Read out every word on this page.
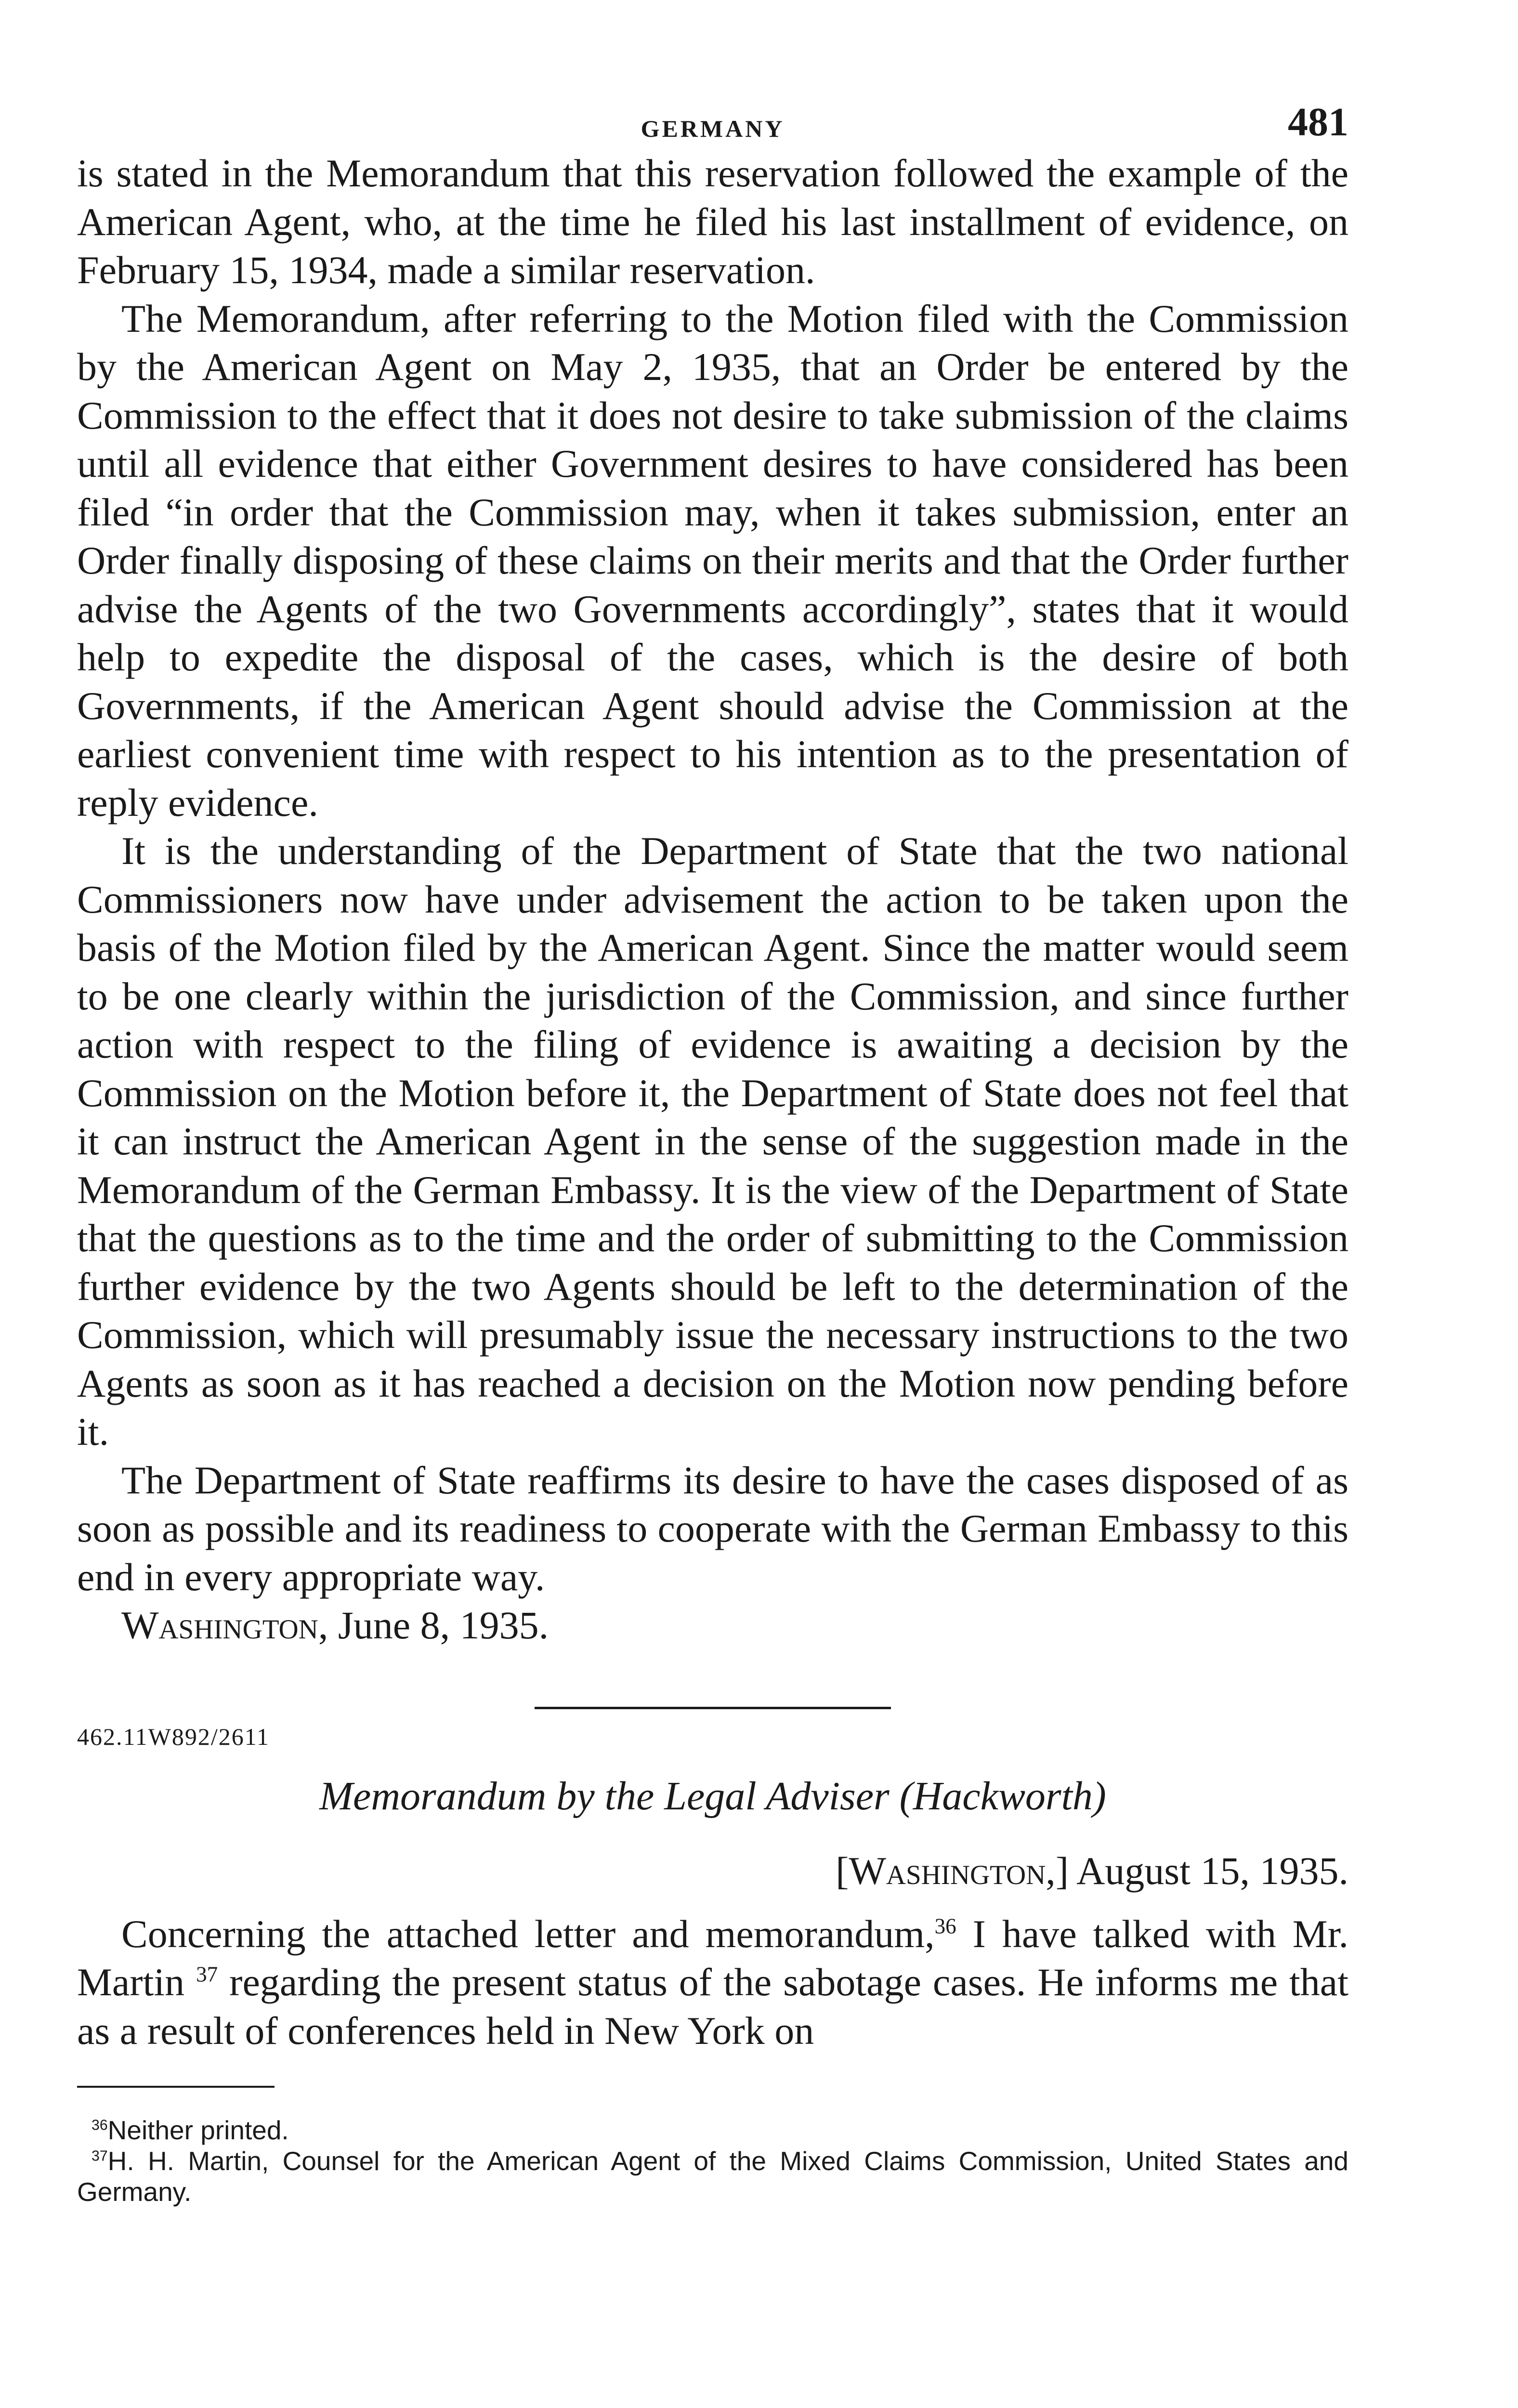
GERMANY	481

is stated in the Memorandum that this reservation followed the example of the American Agent, who, at the time he filed his last installment of evidence, on February 15, 1934, made a similar reservation.

The Memorandum, after referring to the Motion filed with the Commission by the American Agent on May 2, 1935, that an Order be entered by the Commission to the effect that it does not desire to take submission of the claims until all evidence that either Government desires to have considered has been filed “in order that the Commission may, when it takes submission, enter an Order finally disposing of these claims on their merits and that the Order further advise the Agents of the two Governments accordingly”, states that it would help to expedite the disposal of the cases, which is the desire of both Governments, if the American Agent should advise the Commission at the earliest convenient time with respect to his intention as to the presentation of reply evidence.

It is the understanding of the Department of State that the two national Commissioners now have under advisement the action to be taken upon the basis of the Motion filed by the American Agent. Since the matter would seem to be one clearly within the jurisdiction of the Commission, and since further action with respect to the filing of evidence is awaiting a decision by the Commission on the Motion before it, the Department of State does not feel that it can instruct the American Agent in the sense of the suggestion made in the Memorandum of the German Embassy. It is the view of the Department of State that the questions as to the time and the order of submitting to the Commission further evidence by the two Agents should be left to the determination of the Commission, which will presumably issue the necessary instructions to the two Agents as soon as it has reached a decision on the Motion now pending before it.

The Department of State reaffirms its desire to have the cases disposed of as soon as possible and its readiness to cooperate with the German Embassy to this end in every appropriate way.

Washington, June 8, 1935.

462.11W892/2611
Memorandum by the Legal Adviser (Hackworth)
[Washington,] August 15, 1935.

Concerning the attached letter and memorandum,$^{36}$ I have talked with Mr. Martin $^{37}$ regarding the present status of the sabotage cases. He informs me that as a result of conferences held in New York on

$^{36}$Neither printed.

$^{37}$H. H. Martin, Counsel for the American Agent of the Mixed Claims Commission, United States and Germany.
